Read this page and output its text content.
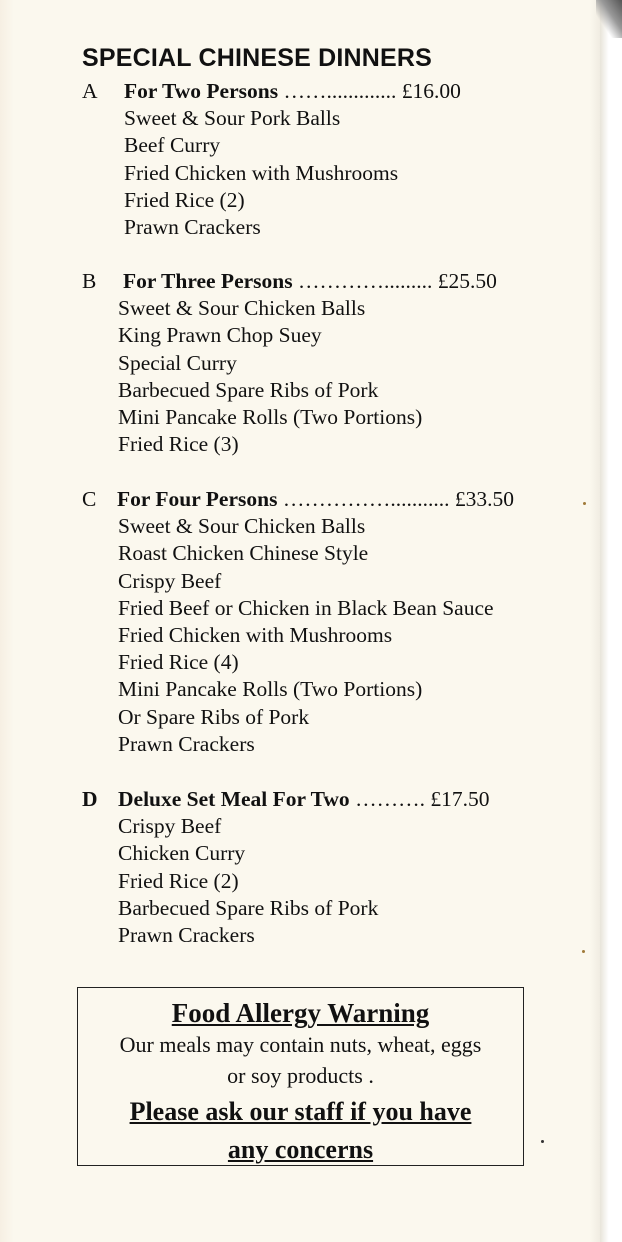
SPECIAL CHINESE DINNERS
A For Two Persons ……............. £16.00
Sweet & Sour Pork Balls
Beef Curry
Fried Chicken with Mushrooms
Fried Rice (2)
Prawn Crackers
B For Three Persons …………......... £25.50
Sweet & Sour Chicken Balls
King Prawn Chop Suey
Special Curry
Barbecued Spare Ribs of Pork
Mini Pancake Rolls (Two Portions)
Fried Rice (3)
C For Four Persons ……………........... £33.50
Sweet & Sour Chicken Balls
Roast Chicken Chinese Style
Crispy Beef
Fried Beef or Chicken in Black Bean Sauce
Fried Chicken with Mushrooms
Fried Rice (4)
Mini Pancake Rolls (Two Portions)
Or Spare Ribs of Pork
Prawn Crackers
D Deluxe Set Meal For Two ………. £17.50
Crispy Beef
Chicken Curry
Fried Rice (2)
Barbecued Spare Ribs of Pork
Prawn Crackers
Food Allergy Warning
Our meals may contain nuts, wheat, eggs
or soy products .
Please ask our staff if you have
any concerns
